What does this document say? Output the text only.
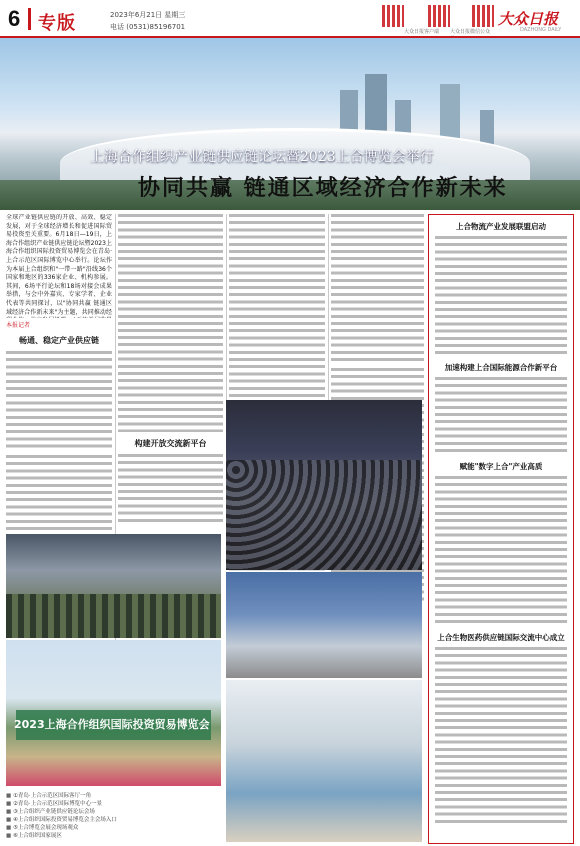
6 专版	2023年6月21日 星期三
电话 (0531)85196701
大众日报客户端	大众日报微信公众
大众日报
DAZHONG DAILY
上海合作组织产业链供应链论坛暨2023上合博览会举行
协同共赢 链通区域经济合作新未来
全球产业链供应链的开放、高效、稳定发展，对于全球经济增长和促进国际贸易投资至关重要。6月18日—19日，上海合作组织产业链供应链论坛暨2023上海合作组织国际投资贸易博览会在青岛·上合示范区国际博览中心举行。论坛作为本届上合组织和"一带一路"沿线36个国家和地区的336家企业、机构参展。其间，6场平行论坛和18场对接会成果举措，与会中外嘉宾、专家学者、企业代表等共同探讨，以"协同共赢 链通区域经济合作新未来"为主题，共同推动经
本报记者
畅通、稳定产业供应链
构建开放交流新平台
2023上海合作组织国际投资贸易博览会
上合物流产业发展联盟启动
加速构建上合国际能源合作新平台
赋能"数字上合"产业高质
上合生物医药供应链国际交流中心成立
■ ①青岛·上合示范区国际客厅一角
■ ②青岛·上合示范区国际博览中心一景
■ ③上合组织产业链供应链论坛会场
■ ④上合组织国际投资贸易博览会主会场入口
■ ⑤上合博览会展会现场观众
■ ⑥上合组织国家展区
